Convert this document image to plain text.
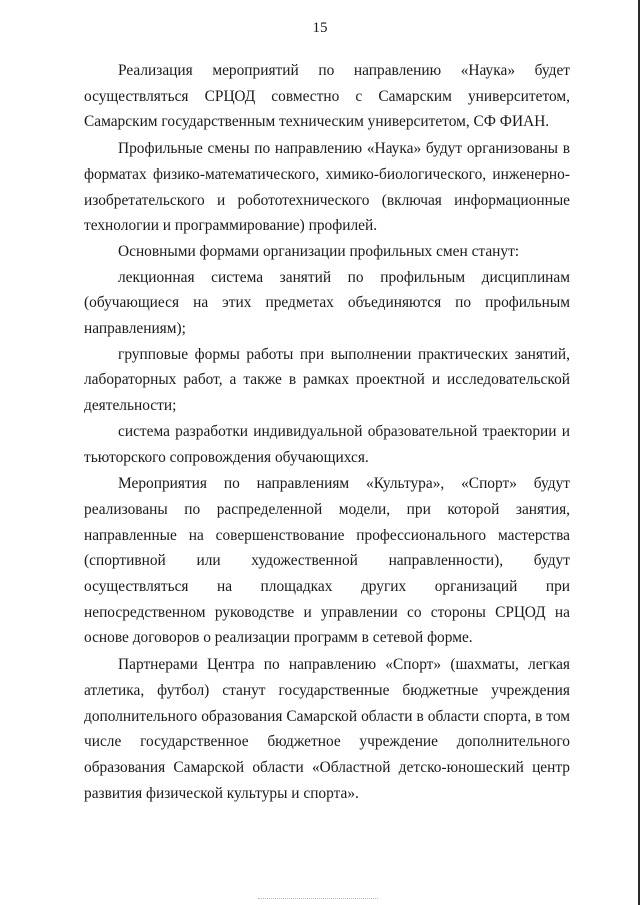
15

Реализация мероприятий по направлению «Наука» будет осуществляться СРЦОД совместно с Самарским университетом, Самарским государственным техническим университетом, СФ ФИАН.

Профильные смены по направлению «Наука» будут организованы в форматах физико-математического, химико-биологического, инженерно-изобретательского и робототехнического (включая информационные технологии и программирование) профилей.

Основными формами организации профильных смен станут:

лекционная система занятий по профильным дисциплинам (обучающиеся на этих предметах объединяются по профильным направлениям);

групповые формы работы при выполнении практических занятий, лабораторных работ, а также в рамках проектной и исследовательской деятельности;

система разработки индивидуальной образовательной траектории и тьюторского сопровождения обучающихся.

Мероприятия по направлениям «Культура», «Спорт» будут реализованы по распределенной модели, при которой занятия, направленные на совершенствование профессионального мастерства (спортивной или художественной направленности), будут осуществляться на площадках других организаций при непосредственном руководстве и управлении со стороны СРЦОД на основе договоров о реализации программ в сетевой форме.

Партнерами Центра по направлению «Спорт» (шахматы, легкая атлетика, футбол) станут государственные бюджетные учреждения дополнительного образования Самарской области в области спорта, в том числе государственное бюджетное учреждение дополнительного образования Самарской области «Областной детско-юношеский центр развития физической культуры и спорта».
